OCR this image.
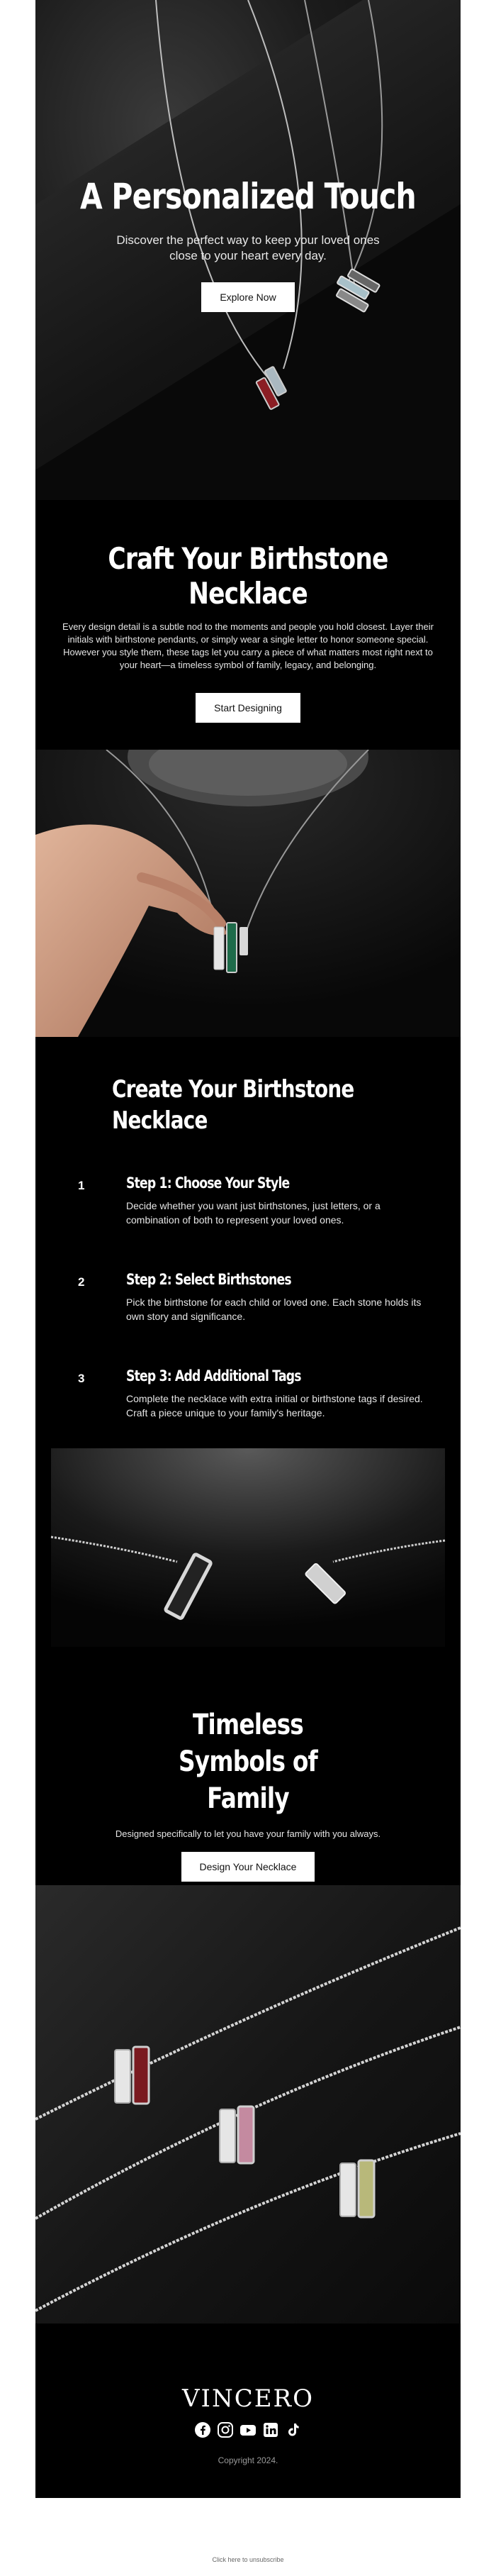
A Personalized Touch
Discover the perfect way to keep your loved ones close to your heart every day.
Explore Now
Craft Your Birthstone Necklace
Every design detail is a subtle nod to the moments and people you hold closest. Layer their initials with birthstone pendants, or simply wear a single letter to honor someone special. However you style them, these tags let you carry a piece of what matters most right next to your heart—a timeless symbol of family, legacy, and belonging.
Start Designing
Create Your Birthstone Necklace
1	Step 1: Choose Your Style
Decide whether you want just birthstones, just letters, or a combination of both to represent your loved ones.
2	Step 2: Select Birthstones
Pick the birthstone for each child or loved one. Each stone holds its own story and significance.
3	Step 3: Add Additional Tags
Complete the necklace with extra initial or birthstone tags if desired. Craft a piece unique to your family's heritage.
Timeless Symbols of Family
Designed specifically to let you have your family with you always.
Design Your Necklace
VINCERO
Copyright 2024.
Click here to unsubscribe
